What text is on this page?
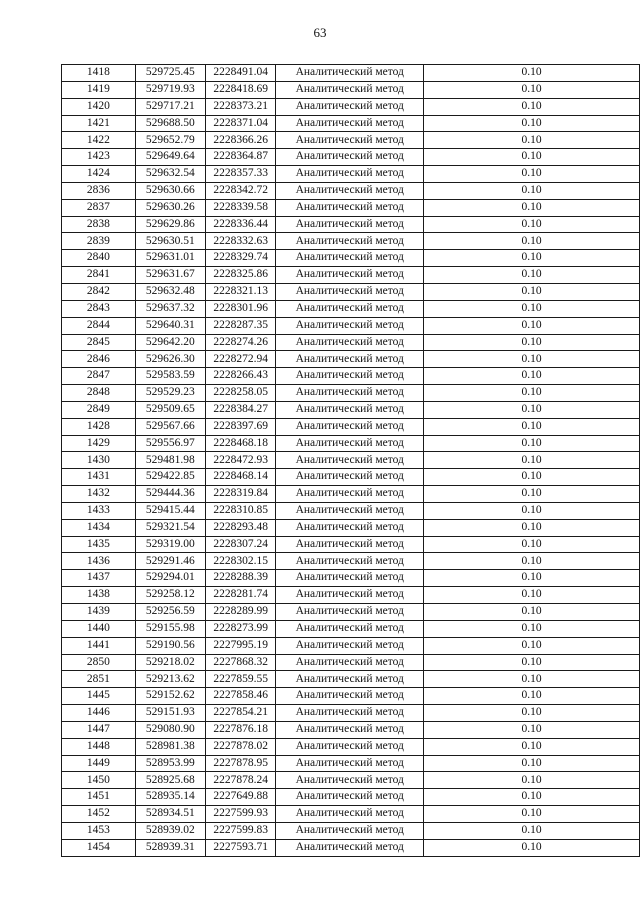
63
1418	529725.45	2228491.04	Аналитический метод	0.10
1419	529719.93	2228418.69	Аналитический метод	0.10
1420	529717.21	2228373.21	Аналитический метод	0.10
1421	529688.50	2228371.04	Аналитический метод	0.10
1422	529652.79	2228366.26	Аналитический метод	0.10
1423	529649.64	2228364.87	Аналитический метод	0.10
1424	529632.54	2228357.33	Аналитический метод	0.10
2836	529630.66	2228342.72	Аналитический метод	0.10
2837	529630.26	2228339.58	Аналитический метод	0.10
2838	529629.86	2228336.44	Аналитический метод	0.10
2839	529630.51	2228332.63	Аналитический метод	0.10
2840	529631.01	2228329.74	Аналитический метод	0.10
2841	529631.67	2228325.86	Аналитический метод	0.10
2842	529632.48	2228321.13	Аналитический метод	0.10
2843	529637.32	2228301.96	Аналитический метод	0.10
2844	529640.31	2228287.35	Аналитический метод	0.10
2845	529642.20	2228274.26	Аналитический метод	0.10
2846	529626.30	2228272.94	Аналитический метод	0.10
2847	529583.59	2228266.43	Аналитический метод	0.10
2848	529529.23	2228258.05	Аналитический метод	0.10
2849	529509.65	2228384.27	Аналитический метод	0.10
1428	529567.66	2228397.69	Аналитический метод	0.10
1429	529556.97	2228468.18	Аналитический метод	0.10
1430	529481.98	2228472.93	Аналитический метод	0.10
1431	529422.85	2228468.14	Аналитический метод	0.10
1432	529444.36	2228319.84	Аналитический метод	0.10
1433	529415.44	2228310.85	Аналитический метод	0.10
1434	529321.54	2228293.48	Аналитический метод	0.10
1435	529319.00	2228307.24	Аналитический метод	0.10
1436	529291.46	2228302.15	Аналитический метод	0.10
1437	529294.01	2228288.39	Аналитический метод	0.10
1438	529258.12	2228281.74	Аналитический метод	0.10
1439	529256.59	2228289.99	Аналитический метод	0.10
1440	529155.98	2228273.99	Аналитический метод	0.10
1441	529190.56	2227995.19	Аналитический метод	0.10
2850	529218.02	2227868.32	Аналитический метод	0.10
2851	529213.62	2227859.55	Аналитический метод	0.10
1445	529152.62	2227858.46	Аналитический метод	0.10
1446	529151.93	2227854.21	Аналитический метод	0.10
1447	529080.90	2227876.18	Аналитический метод	0.10
1448	528981.38	2227878.02	Аналитический метод	0.10
1449	528953.99	2227878.95	Аналитический метод	0.10
1450	528925.68	2227878.24	Аналитический метод	0.10
1451	528935.14	2227649.88	Аналитический метод	0.10
1452	528934.51	2227599.93	Аналитический метод	0.10
1453	528939.02	2227599.83	Аналитический метод	0.10
1454	528939.31	2227593.71	Аналитический метод	0.10
